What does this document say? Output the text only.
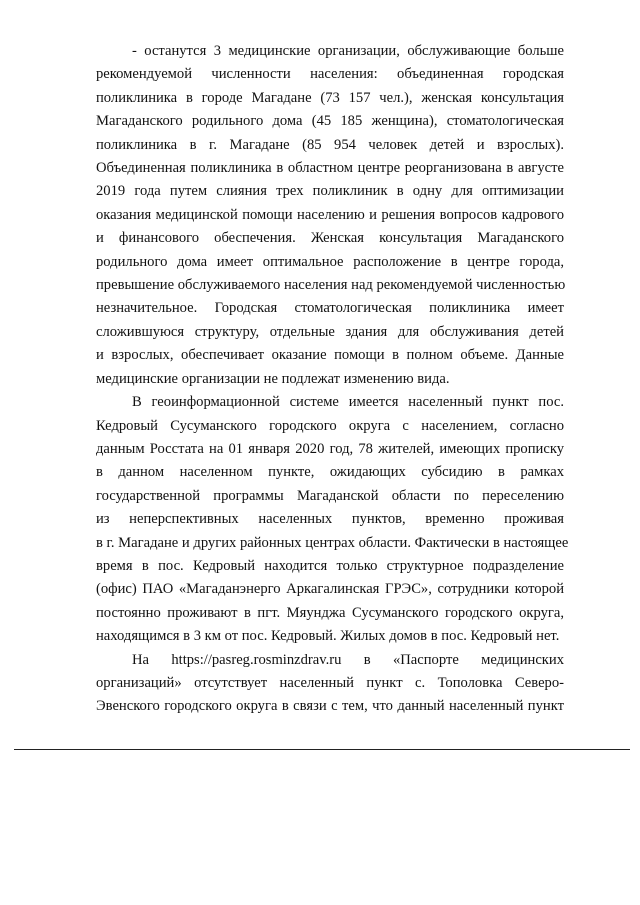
- останутся 3 медицинские организации, обслуживающие больше
рекомендуемой численности населения: объединенная городская
поликлиника в городе Магадане (73 157 чел.), женская консультация
Магаданского родильного дома (45 185 женщина), стоматологическая
поликлиника в г. Магадане (85 954 человек детей и взрослых).
Объединенная поликлиника в областном центре реорганизована в августе
2019 года путем слияния трех поликлиник в одну для оптимизации
оказания медицинской помощи населению и решения вопросов кадрового
и финансового обеспечения. Женская консультация Магаданского
родильного дома имеет оптимальное расположение в центре города,
превышение обслуживаемого населения над рекомендуемой численностью
незначительное. Городская стоматологическая поликлиника имеет
сложившуюся структуру, отдельные здания для обслуживания детей
и взрослых, обеспечивает оказание помощи в полном объеме. Данные
медицинские организации не подлежат изменению вида.
В геоинформационной системе имеется населенный пункт пос.
Кедровый Сусуманского городского округа с населением, согласно
данным Росстата на 01 января 2020 год, 78 жителей, имеющих прописку
в данном населенном пункте, ожидающих субсидию в рамках
государственной программы Магаданской области по переселению
из неперспективных населенных пунктов, временно проживая
в г. Магадане и других районных центрах области. Фактически в настоящее
время в пос. Кедровый находится только структурное подразделение
(офис) ПАО «Магаданэнерго Аркагалинская ГРЭС», сотрудники которой
постоянно проживают в пгт. Мяунджа Сусуманского городского округа,
находящимся в 3 км от пос. Кедровый. Жилых домов в пос. Кедровый нет.
На https://pasreg.rosminzdrav.ru в «Паспорте медицинских
организаций» отсутствует населенный пункт с. Тополовка Северо-
Эвенского городского округа в связи с тем, что данный населенный пункт
